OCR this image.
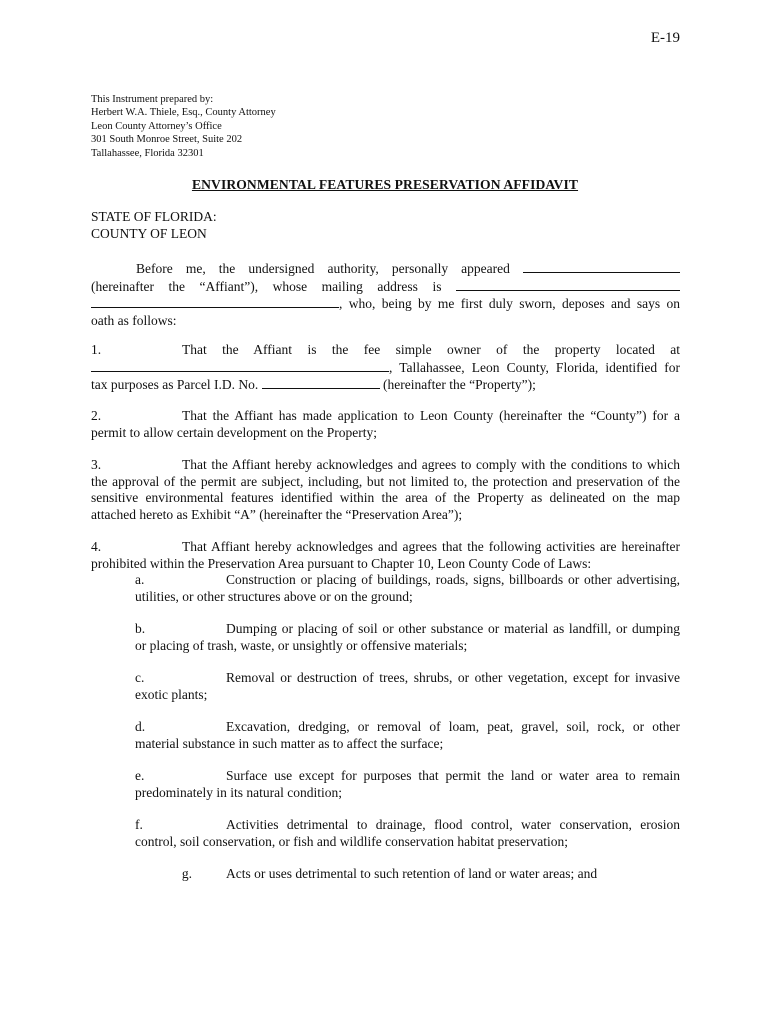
E-19
This Instrument prepared by:
Herbert W.A. Thiele, Esq., County Attorney
Leon County Attorney’s Office
301 South Monroe Street, Suite 202
Tallahassee, Florida 32301
ENVIRONMENTAL FEATURES PRESERVATION AFFIDAVIT
STATE OF FLORIDA:
COUNTY OF LEON
Before me, the undersigned authority, personally appeared
(hereinafter the “Affiant”), whose mailing address is
, who, being by me first duly sworn, deposes and says on
oath as follows:
1.	That the Affiant is the fee simple owner of the property located at
, Tallahassee, Leon County, Florida, identified for
tax purposes as Parcel I.D. No.	(hereinafter the “Property”);
2.	That the Affiant has made application to Leon County (hereinafter the “County”) for a
permit to allow certain development on the Property;
3.	That the Affiant hereby acknowledges and agrees to comply with the conditions to which
the approval of the permit are subject, including, but not limited to, the protection and preservation of the
sensitive environmental features identified within the area of the Property as delineated on the map
attached hereto as Exhibit “A” (hereinafter the “Preservation Area”);
4.	That Affiant hereby acknowledges and agrees that the following activities are hereinafter
prohibited within the Preservation Area pursuant to Chapter 10, Leon County Code of Laws:
a.	Construction or placing of buildings, roads, signs, billboards or other advertising,
utilities, or other structures above or on the ground;
b.	Dumping or placing of soil or other substance or material as landfill, or dumping
or placing of trash, waste, or unsightly or offensive materials;
c.	Removal or destruction of trees, shrubs, or other vegetation, except for invasive
exotic plants;
d.	Excavation, dredging, or removal of loam, peat, gravel, soil, rock, or other
material substance in such matter as to affect the surface;
e.	Surface use except for purposes that permit the land or water area to remain
predominately in its natural condition;
f.	Activities detrimental to drainage, flood control, water conservation, erosion
control, soil conservation, or fish and wildlife conservation habitat preservation;
g.	Acts or uses detrimental to such retention of land or water areas; and
